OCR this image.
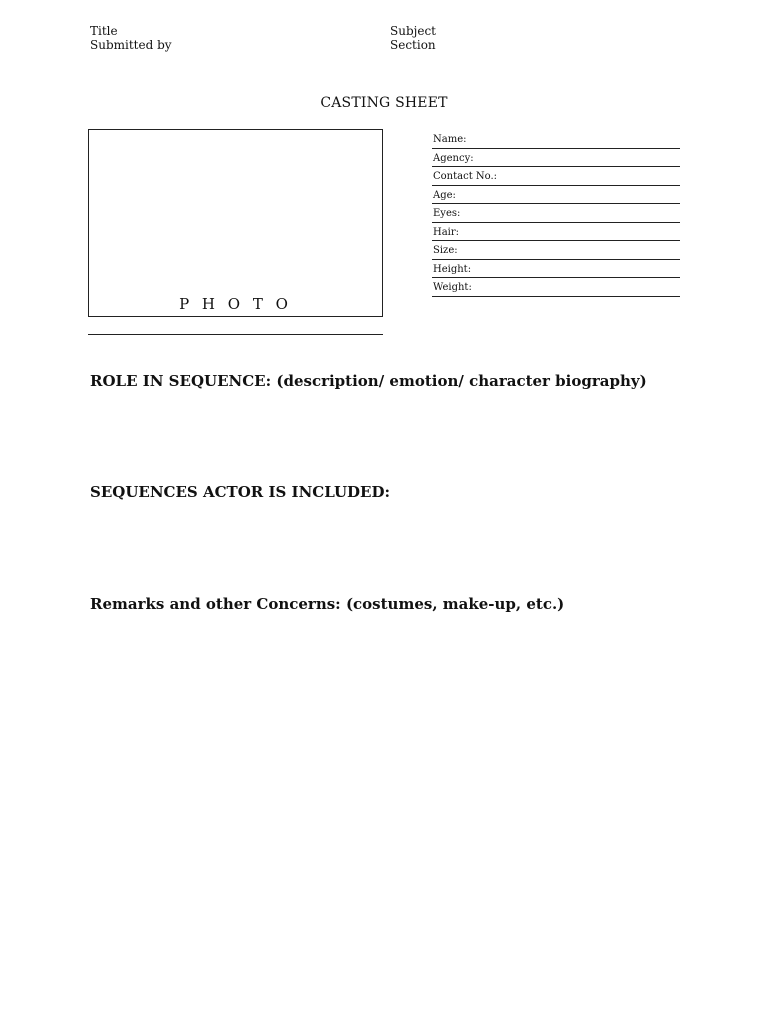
Title
Submitted by
Subject
Section
CASTING SHEET
P H O T O
Name:
Agency:
Contact No.:
Age:
Eyes:
Hair:
Size:
Height:
Weight:
ROLE IN SEQUENCE: (description/ emotion/ character biography)
SEQUENCES ACTOR IS INCLUDED:
Remarks and other Concerns: (costumes, make-up, etc.)
